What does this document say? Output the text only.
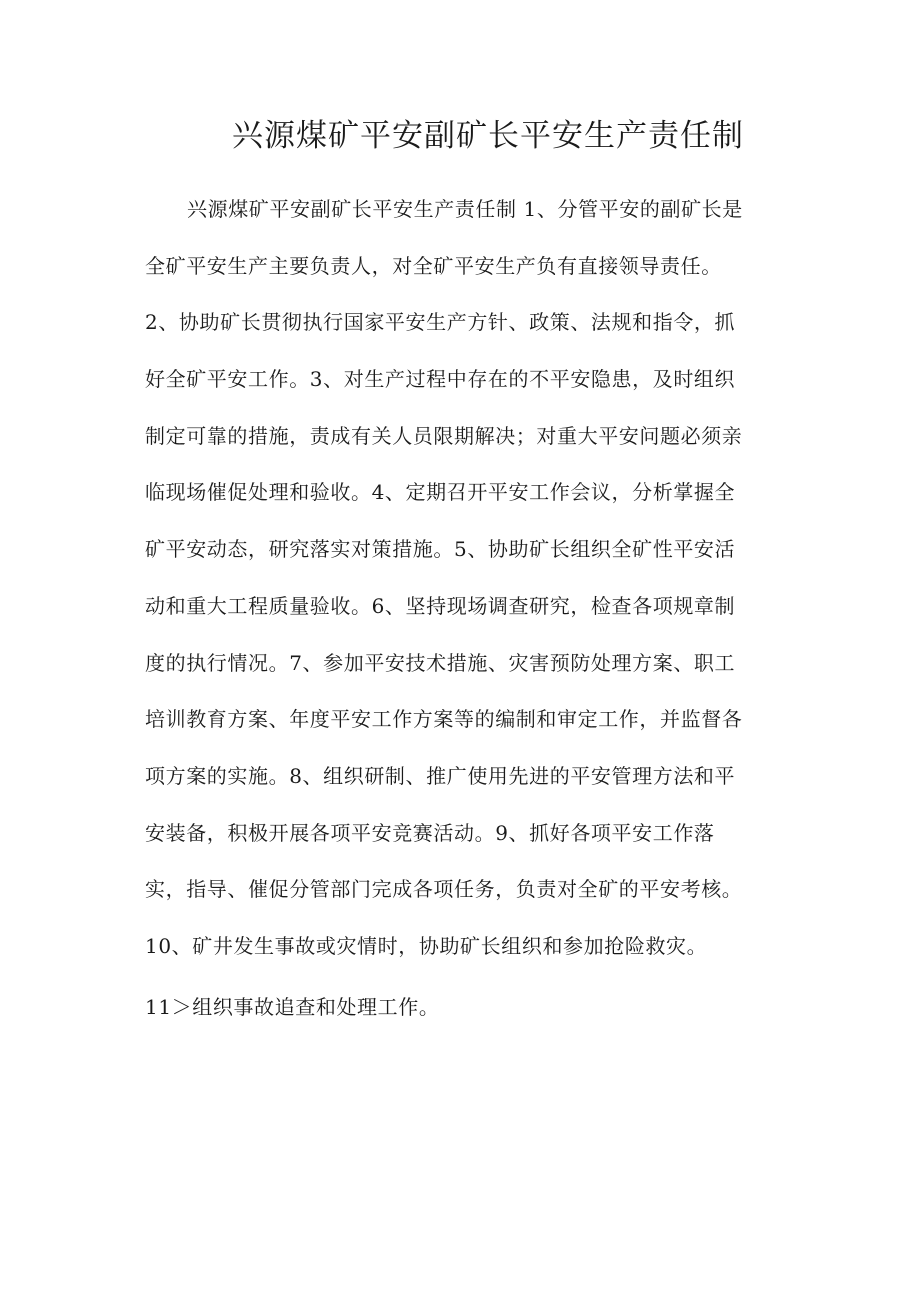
兴源煤矿平安副矿长平安生产责任制
兴源煤矿平安副矿长平安生产责任制 1、分管平安的副矿长是
全矿平安生产主要负责人，对全矿平安生产负有直接领导责任。
2、协助矿长贯彻执行国家平安生产方针、政策、法规和指令，抓
好全矿平安工作。3、对生产过程中存在的不平安隐患，及时组织
制定可靠的措施，责成有关人员限期解决；对重大平安问题必须亲
临现场催促处理和验收。4、定期召开平安工作会议，分析掌握全
矿平安动态，研究落实对策措施。5、协助矿长组织全矿性平安活
动和重大工程质量验收。6、坚持现场调查研究，检查各项规章制
度的执行情况。7、参加平安技术措施、灾害预防处理方案、职工
培训教育方案、年度平安工作方案等的编制和审定工作，并监督各
项方案的实施。8、组织研制、推广使用先进的平安管理方法和平
安装备，积极开展各项平安竞赛活动。9、抓好各项平安工作落
实，指导、催促分管部门完成各项任务，负责对全矿的平安考核。
10、矿井发生事故或灾情时，协助矿长组织和参加抢险救灾。
11＞组织事故追查和处理工作。
